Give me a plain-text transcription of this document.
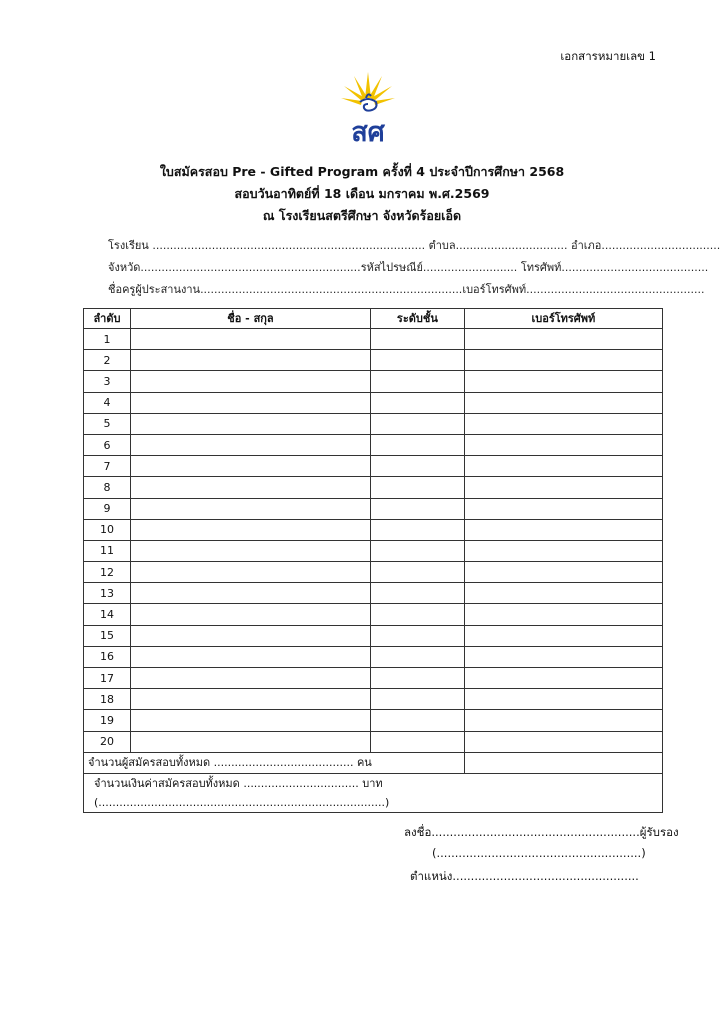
เอกสารหมายเลข 1
สศ
ใบสมัครสอบ Pre - Gifted Program ครั้งที่ 4 ประจำปีการศึกษา 2568
สอบวันอาทิตย์ที่ 18 เดือน มกราคม พ.ศ.2569
ณ โรงเรียนสตรีศึกษา จังหวัดร้อยเอ็ด
โรงเรียน .............................................................................. ตำบล................................ อำเภอ..................................
จังหวัด...............................................................รหัสไปรษณีย์........................... โทรศัพท์..........................................
ชื่อครูผู้ประสานงาน...........................................................................เบอร์โทรศัพท์...................................................
ลำดับ	ชื่อ - สกุล	ระดับชั้น	เบอร์โทรศัพท์
1			
2			
3			
4			
5			
6			
7			
8			
9			
10			
11			
12			
13			
14			
15			
16			
17			
18			
19			
20			
จำนวนผู้สมัครสอบทั้งหมด ........................................ คน			
จำนวนเงินค่าสมัครสอบทั้งหมด ................................. บาท (..................................................................................)			
ลงชื่อ.........................................................ผู้รับรอง
(........................................................)
ตำแหน่ง...................................................
